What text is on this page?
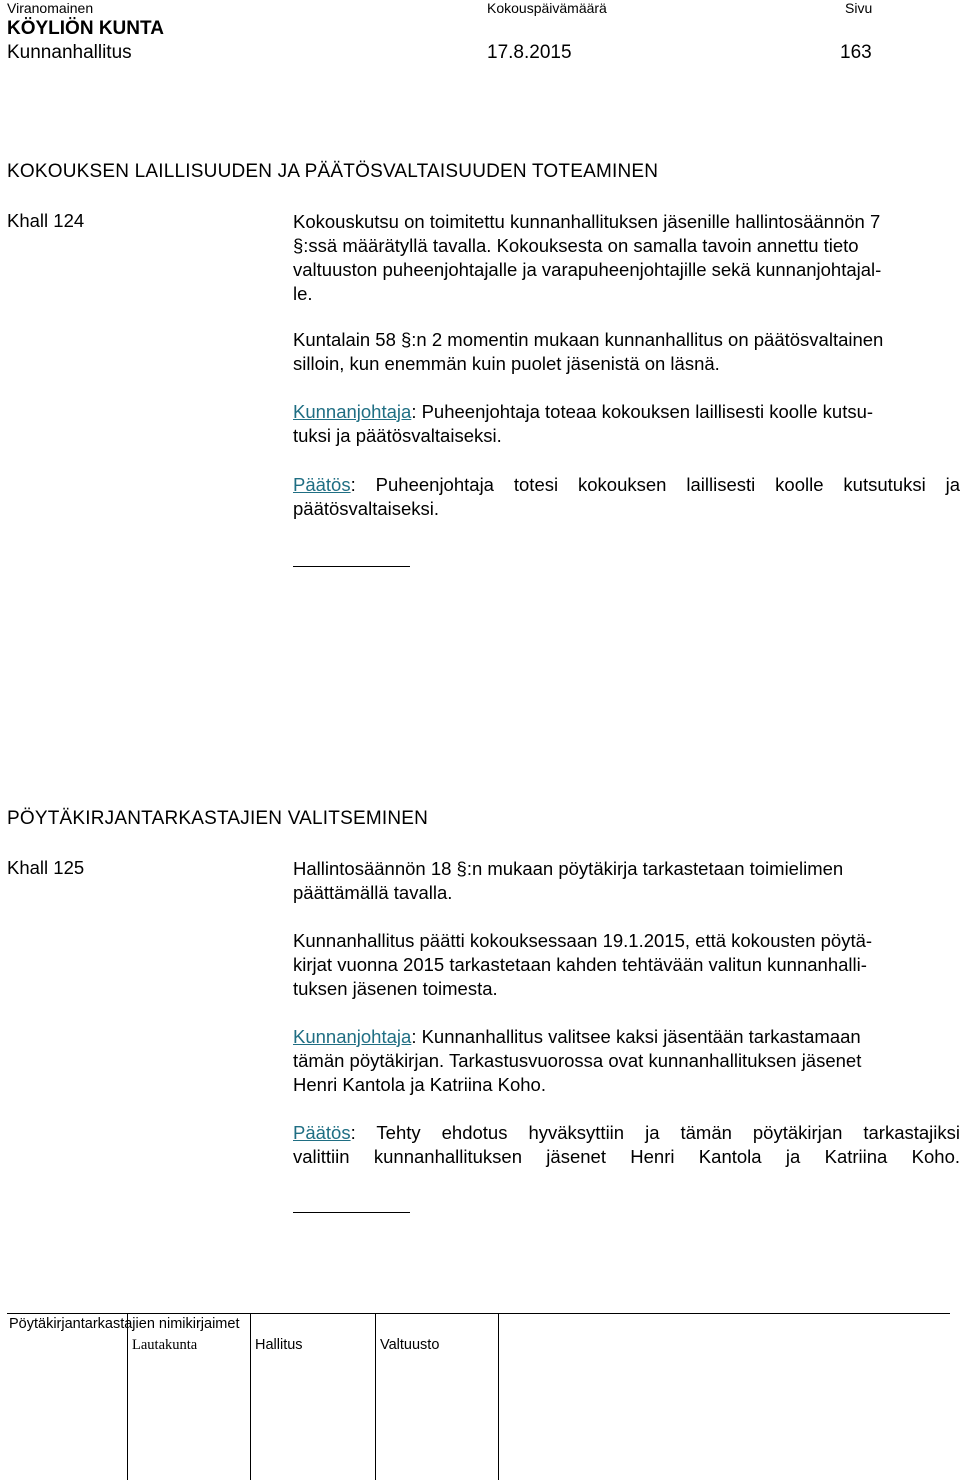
Viranomainen	Kokouspäivämäärä	Sivu
KÖYLIÖN KUNTA
Kunnanhallitus	17.8.2015	163
KOKOUKSEN LAILLISUUDEN JA PÄÄTÖSVALTAISUUDEN TOTEAMINEN
Khall 124	Kokouskutsu on toimitettu kunnanhallituksen jäsenille hallintosäännön 7
§:ssä määrätyllä tavalla. Kokouksesta on samalla tavoin annettu tieto
valtuuston puheenjohtajalle ja varapuheenjohtajille sekä kunnanjohtajal-
le.
Kuntalain 58 §:n 2 momentin mukaan kunnanhallitus on päätösvaltainen
silloin, kun enemmän kuin puolet jäsenistä on läsnä.
Kunnanjohtaja: Puheenjohtaja toteaa kokouksen laillisesti koolle kutsu-
tuksi ja päätösvaltaiseksi.
Päätös: Puheenjohtaja totesi kokouksen laillisesti koolle kutsutuksi ja
päätösvaltaiseksi.
PÖYTÄKIRJANTARKASTAJIEN VALITSEMINEN
Khall 125	Hallintosäännön 18 §:n mukaan pöytäkirja tarkastetaan toimielimen
päättämällä tavalla.
Kunnanhallitus päätti kokouksessaan 19.1.2015, että kokousten pöytä-
kirjat vuonna 2015 tarkastetaan kahden tehtävään valitun kunnanhalli-
tuksen jäsenen toimesta.
Kunnanjohtaja: Kunnanhallitus valitsee kaksi jäsentään tarkastamaan
tämän pöytäkirjan. Tarkastusvuorossa ovat kunnanhallituksen jäsenet
Henri Kantola ja Katriina Koho.
Päätös: Tehty ehdotus hyväksyttiin ja tämän pöytäkirjan tarkastajiksi
valittiin kunnanhallituksen jäsenet Henri Kantola ja Katriina Koho.
Pöytäkirjantarkastajien nimikirjaimet
Lautakunta	Hallitus	Valtuusto
